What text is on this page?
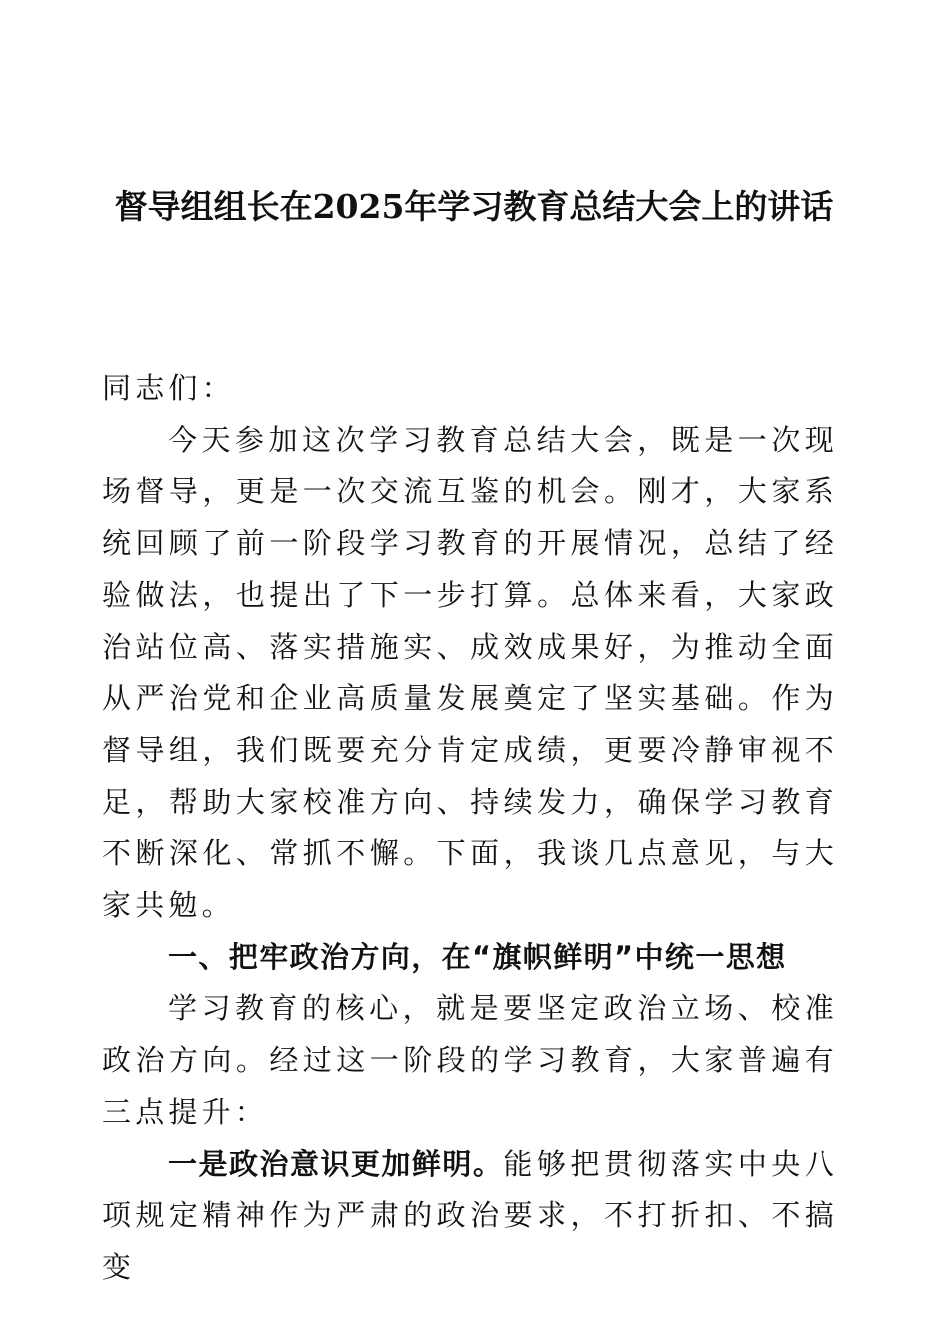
督导组组长在2025年学习教育总结大会上的讲话

同志们：

今天参加这次学习教育总结大会，既是一次现场督导，更是一次交流互鉴的机会。刚才，大家系统回顾了前一阶段学习教育的开展情况，总结了经验做法，也提出了下一步打算。总体来看，大家政治站位高、落实措施实、成效成果好，为推动全面从严治党和企业高质量发展奠定了坚实基础。作为督导组，我们既要充分肯定成绩，更要冷静审视不足，帮助大家校准方向、持续发力，确保学习教育不断深化、常抓不懈。下面，我谈几点意见，与大家共勉。

一、把牢政治方向，在“旗帜鲜明”中统一思想

学习教育的核心，就是要坚定政治立场、校准政治方向。经过这一阶段的学习教育，大家普遍有三点提升：

一是政治意识更加鲜明。能够把贯彻落实中央八项规定精神作为严肃的政治要求，不打折扣、不搞变
